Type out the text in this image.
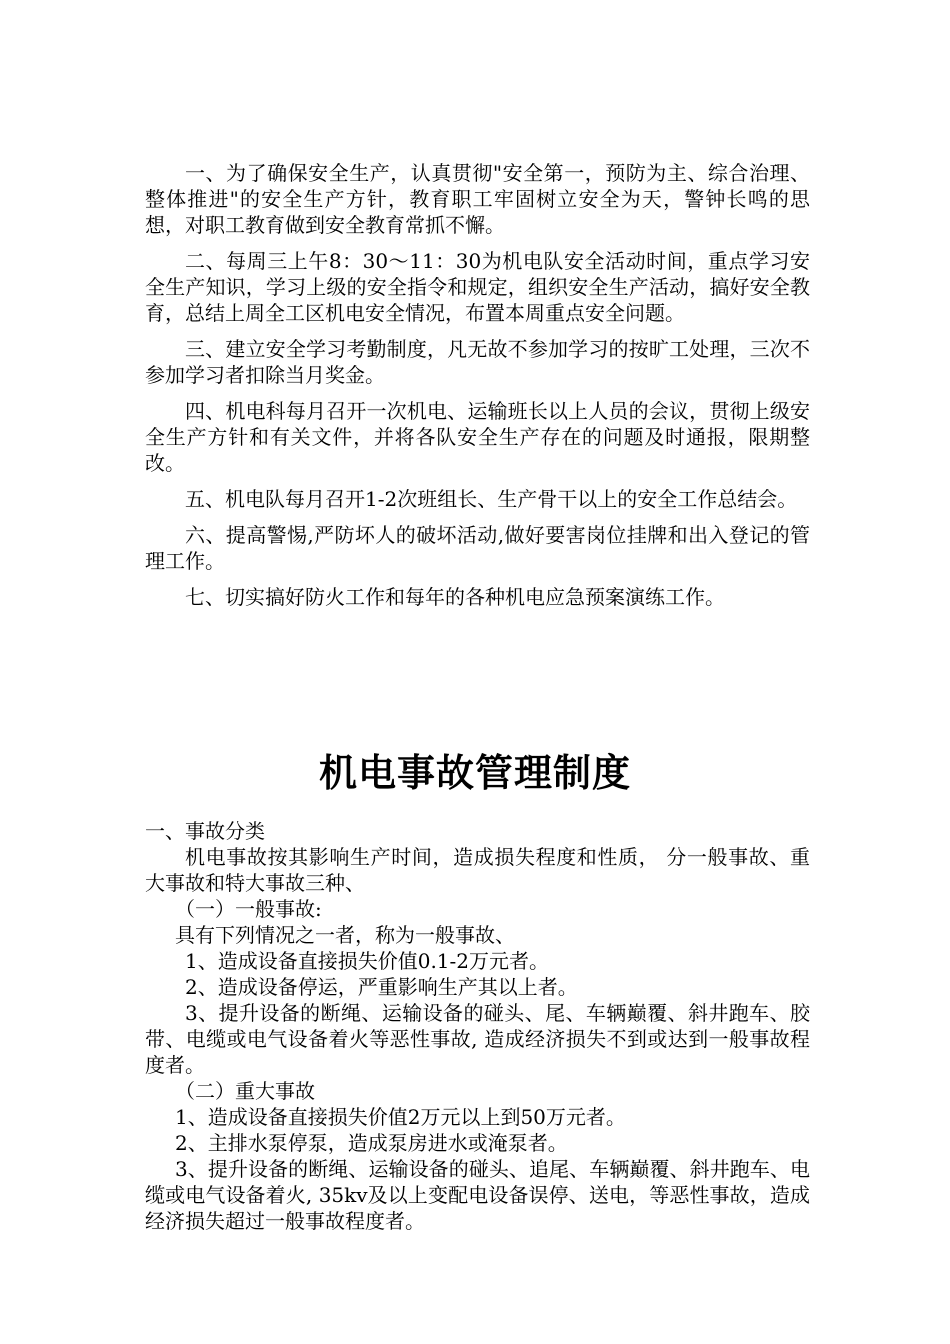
一、为了确保安全生产，认真贯彻"安全第一，预防为主、综合治理、整体推进"的安全生产方针，教育职工牢固树立安全为天，警钟长鸣的思想，对职工教育做到安全教育常抓不懈。

二、每周三上午8：30～11：30为机电队安全活动时间，重点学习安全生产知识，学习上级的安全指令和规定，组织安全生产活动，搞好安全教育，总结上周全工区机电安全情况，布置本周重点安全问题。

三、建立安全学习考勤制度，凡无故不参加学习的按旷工处理，三次不参加学习者扣除当月奖金。

四、机电科每月召开一次机电、运输班长以上人员的会议，贯彻上级安全生产方针和有关文件，并将各队安全生产存在的问题及时通报，限期整改。

五、机电队每月召开1-2次班组长、生产骨干以上的安全工作总结会。

六、提高警惕,严防坏人的破坏活动,做好要害岗位挂牌和出入登记的管理工作。

七、切实搞好防火工作和每年的各种机电应急预案演练工作。

机电事故管理制度

一、事故分类

机电事故按其影响生产时间，造成损失程度和性质， 分一般事故、重大事故和特大事故三种、

（一）一般事故:

具有下列情况之一者，称为一般事故、

1、造成设备直接损失价值0.1-2万元者。

2、造成设备停运，严重影响生产其以上者。

3、提升设备的断绳、运输设备的碰头、尾、车辆巅覆、斜井跑车、胶带、电缆或电气设备着火等恶性事故, 造成经济损失不到或达到一般事故程度者。

（二）重大事故

1、造成设备直接损失价值2万元以上到50万元者。

2、主排水泵停泵，造成泵房进水或淹泵者。

3、提升设备的断绳、运输设备的碰头、追尾、车辆巅覆、斜井跑车、电缆或电气设备着火, 35kv及以上变配电设备误停、送电，等恶性事故，造成经济损失超过一般事故程度者。
